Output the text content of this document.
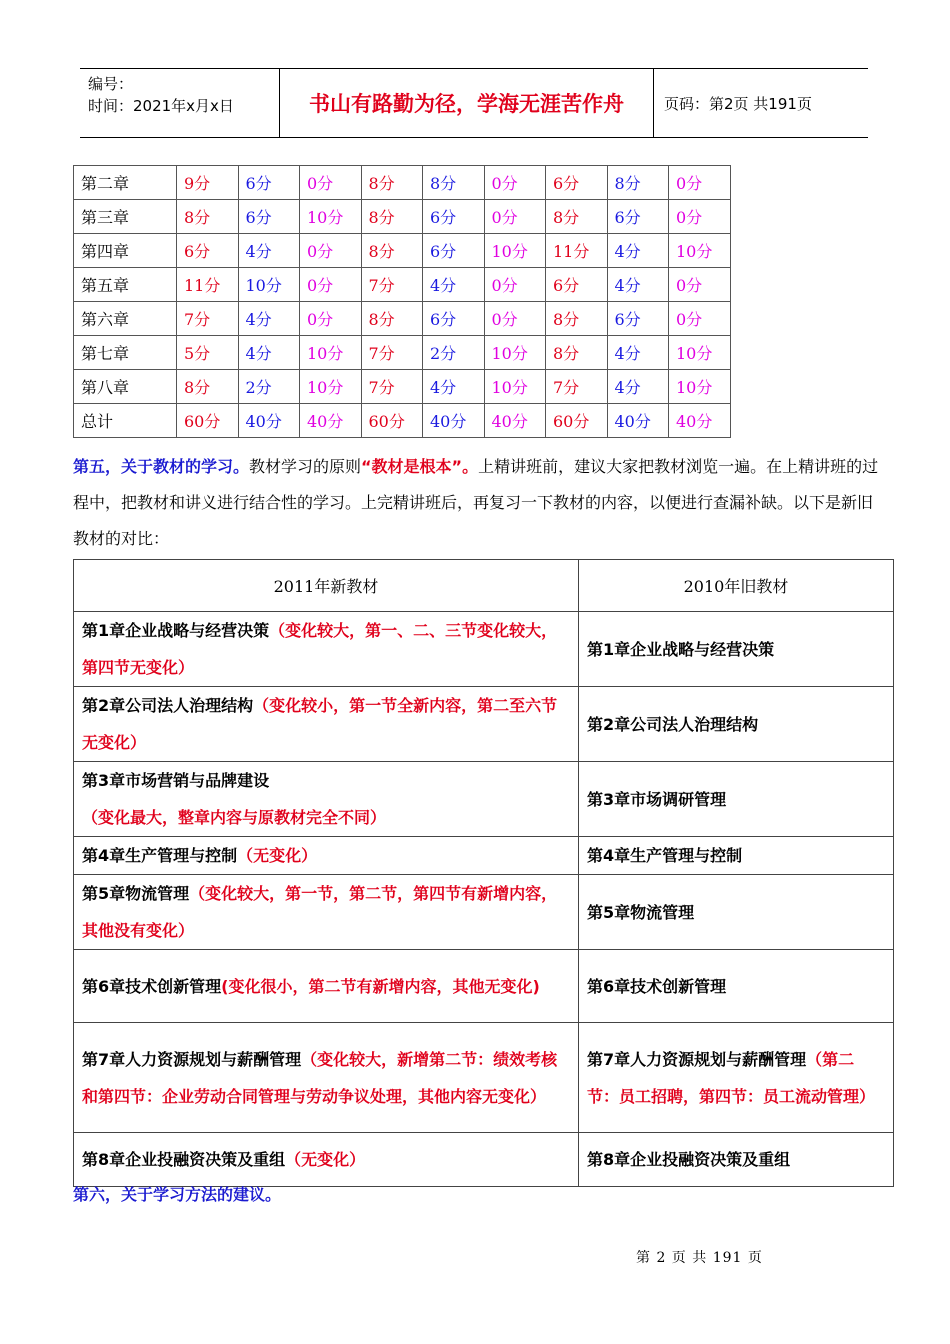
编号：
时间：2021年x月x日	书山有路勤为径，学海无涯苦作舟	页码：第2页 共191页
第二章	9分	6分	0分	8分	8分	0分	6分	8分	0分
第三章	8分	6分	10分	8分	6分	0分	8分	6分	0分
第四章	6分	4分	0分	8分	6分	10分	11分	4分	10分
第五章	11分	10分	0分	7分	4分	0分	6分	4分	0分
第六章	7分	4分	0分	8分	6分	0分	8分	6分	0分
第七章	5分	4分	10分	7分	2分	10分	8分	4分	10分
第八章	8分	2分	10分	7分	4分	10分	7分	4分	10分
总计	60分	40分	40分	60分	40分	40分	60分	40分	40分
第五，关于教材的学习。教材学习的原则“教材是根本”。上精讲班前，建议大家把教材浏览一遍。在上精讲班的过程中，把教材和讲义进行结合性的学习。上完精讲班后，再复习一下教材的内容，以便进行查漏补缺。以下是新旧教材的对比：
2011年新教材	2010年旧教材
第1章企业战略与经营决策（变化较大，第一、二、三节变化较大，第四节无变化）	第1章企业战略与经营决策
第2章公司法人治理结构（变化较小，第一节全新内容，第二至六节无变化）	第2章公司法人治理结构
第3章市场营销与品牌建设（变化最大，整章内容与原教材完全不同）	第3章市场调研管理
第4章生产管理与控制（无变化）	第4章生产管理与控制
第5章物流管理（变化较大，第一节，第二节，第四节有新增内容，其他没有变化）	第5章物流管理
第6章技术创新管理(变化很小，第二节有新增内容，其他无变化)	第6章技术创新管理
第7章人力资源规划与薪酬管理（变化较大，新增第二节：绩效考核和第四节：企业劳动合同管理与劳动争议处理，其他内容无变化）	第7章人力资源规划与薪酬管理（第二节：员工招聘，第四节：员工流动管理）
第8章企业投融资决策及重组（无变化）	第8章企业投融资决策及重组
第六，关于学习方法的建议。
第 2 页 共 191 页
